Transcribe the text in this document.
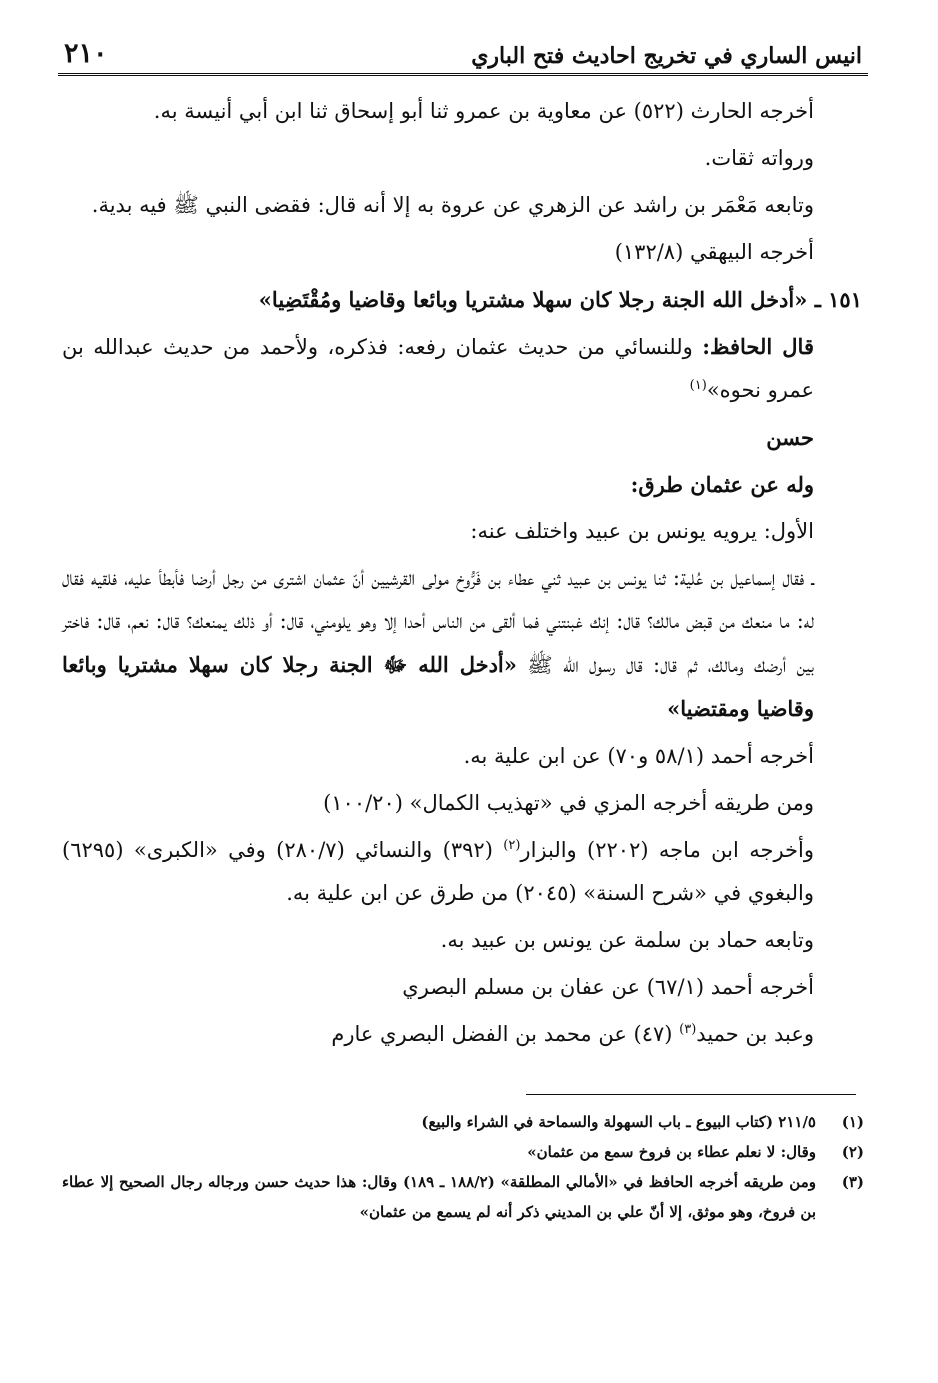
انيس الساري في تخريج احاديث فتح الباري
٢١٠

أخرجه الحارث (٥٢٢) عن معاوية بن عمرو ثنا أبو إسحاق ثنا ابن أبي أنيسة به.

ورواته ثقات.

وتابعه مَعْمَر بن راشد عن الزهري عن عروة به إلا أنه قال: فقضى النبي ﷺ فيه بدية.

أخرجه البيهقي (١٣٢/٨)

١٥١ ـ «أدخل الله الجنة رجلا كان سهلا مشتريا وبائعا وقاضيا ومُقْتَضِيا»

قال الحافظ: وللنسائي من حديث عثمان رفعه: فذكره، ولأحمد من حديث عبدالله بن عمرو نحوه»$^{(١)}$

حسن

وله عن عثمان طرق:

الأول: يرويه يونس بن عبيد واختلف عنه:

ـ فقال إسماعيل بن عُلية: ثنا يونس بن عبيد ثني عطاء بن فَرُّوخ مولى القرشيين أنّ عثمان اشترى من رجل أرضا فأبطأ عليه، فلقيه فقال له: ما منعك من قبض مالك؟ قال: إنك غبنتني فما ألقى من الناس أحدا إلا وهو يلومني، قال: أو ذلك يمنعك؟ قال: نعم، قال: فاختر بين أرضك ومالك، ثم قال: قال رسول الله ﷺ «أدخل الله ﷻ الجنة رجلا كان سهلا مشتريا وبائعا وقاضيا ومقتضيا»

أخرجه أحمد (٥٨/١ و٧٠) عن ابن علية به.

ومن طريقه أخرجه المزي في «تهذيب الكمال» (١٠٠/٢٠)

وأخرجه ابن ماجه (٢٢٠٢) والبزار$^{(٢)}$ (٣٩٢) والنسائي (٢٨٠/٧) وفي «الكبرى» (٦٢٩٥) والبغوي في «شرح السنة» (٢٠٤٥) من طرق عن ابن علية به.

وتابعه حماد بن سلمة عن يونس بن عبيد به.

أخرجه أحمد (٦٧/١) عن عفان بن مسلم البصري

وعبد بن حميد$^{(٣)}$ (٤٧) عن محمد بن الفضل البصري عارم

(١)
٢١١/٥ (كتاب البيوع ـ باب السهولة والسماحة في الشراء والبيع)
(٢)
وقال: لا نعلم عطاء بن فروخ سمع من عثمان»
(٣)
ومن طريقه أخرجه الحافظ في «الأمالي المطلقة» (١٨٨/٢ ـ ١٨٩) وقال: هذا حديث حسن ورجاله رجال الصحيح إلا عطاء بن فروخ، وهو موثق، إلا أنّ علي بن المديني ذكر أنه لم يسمع من عثمان»
